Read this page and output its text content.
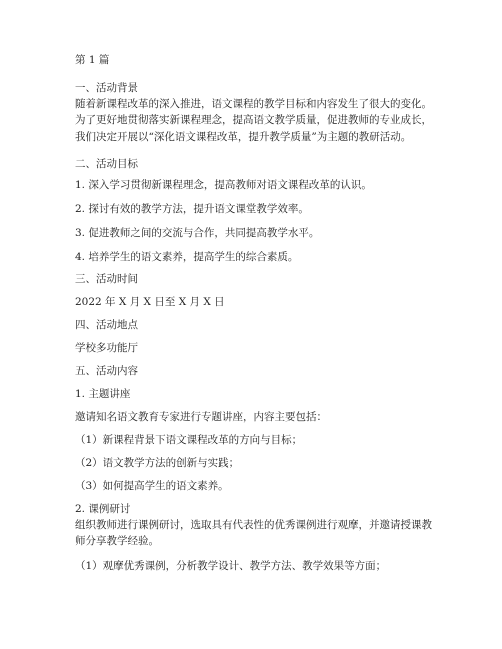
第 1 篇
一、活动背景
随着新课程改革的深入推进，语文课程的教学目标和内容发生了很大的变化。为了更好地贯彻落实新课程理念，提高语文教学质量，促进教师的专业成长，我们决定开展以“深化语文课程改革，提升教学质量”为主题的教研活动。
二、活动目标
1. 深入学习贯彻新课程理念，提高教师对语文课程改革的认识。
2. 探讨有效的教学方法，提升语文课堂教学效率。
3. 促进教师之间的交流与合作，共同提高教学水平。
4. 培养学生的语文素养，提高学生的综合素质。
三、活动时间
2022 年 X 月 X 日至 X 月 X 日
四、活动地点
学校多功能厅
五、活动内容
1. 主题讲座
邀请知名语文教育专家进行专题讲座，内容主要包括：
（1）新课程背景下语文课程改革的方向与目标；
（2）语文教学方法的创新与实践；
（3）如何提高学生的语文素养。
2. 课例研讨
组织教师进行课例研讨，选取具有代表性的优秀课例进行观摩，并邀请授课教师分享教学经验。
（1）观摩优秀课例，分析教学设计、教学方法、教学效果等方面；
